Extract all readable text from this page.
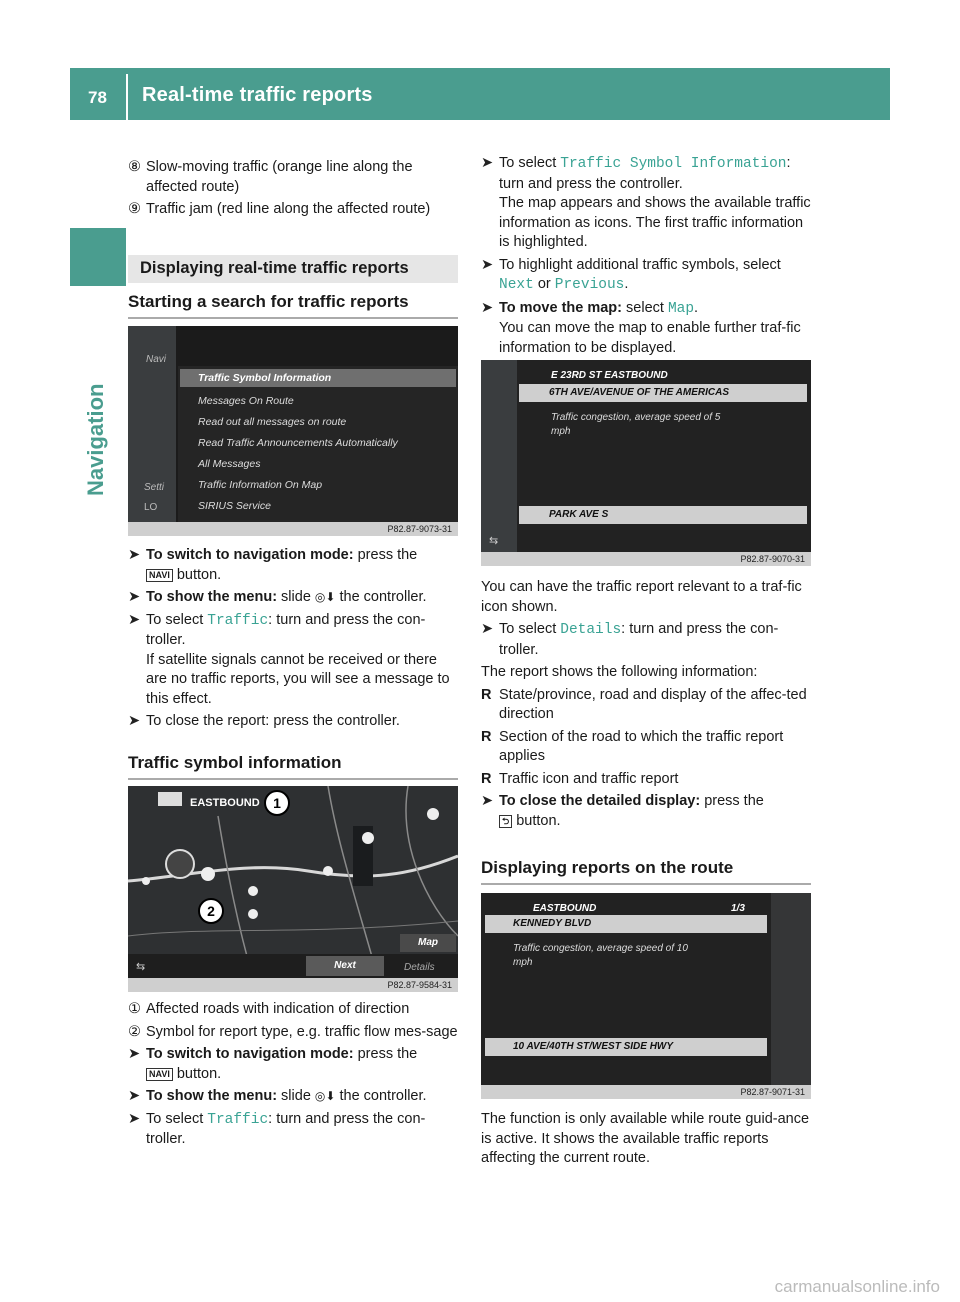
78 Real-time traffic reports
Navigation
⑧ Slow-moving traffic (orange line along the affected route)
⑨ Traffic jam (red line along the affected route)
Displaying real-time traffic reports
Starting a search for traffic reports
Navi
Setti
LO
Traffic Symbol Information
Messages On Route
Read out all messages on route
Read Traffic Announcements Automatically
All Messages
Traffic Information On Map
SIRIUS Service
P82.87-9073-31
➤ To switch to navigation mode: press the
NAVI button.
➤ To show the menu: slide ◎⬇ the controller.
➤ To select Traffic: turn and press the con-troller.
If satellite signals cannot be received or there are no traffic reports, you will see a message to this effect.
➤ To close the report: press the controller.
Traffic symbol information
EASTBOUND 1
2
Map
⇆	Next	Details
P82.87-9584-31
① Affected roads with indication of direction
② Symbol for report type, e.g. traffic flow mes-sage
➤ To switch to navigation mode: press the
NAVI button.
➤ To show the menu: slide ◎⬇ the controller.
➤ To select Traffic: turn and press the con-troller.
➤ To select Traffic Symbol Information: turn and press the controller.
The map appears and shows the available traffic information as icons. The first traffic information is highlighted.
➤ To highlight additional traffic symbols, select Next or Previous.
➤ To move the map: select Map.
You can move the map to enable further traf-fic information to be displayed.
E 23RD ST EASTBOUND
6TH AVE/AVENUE OF THE AMERICAS
Traffic congestion, average speed of 5
mph
PARK AVE S
⇆
P82.87-9070-31

You can have the traffic report relevant to a traf-fic icon shown.

➤ To select Details: turn and press the con-troller.

The report shows the following information:

R State/province, road and display of the affec-ted direction
R Section of the road to which the traffic report applies
R Traffic icon and traffic report
➤ To close the detailed display: press the
⮌ button.
Displaying reports on the route
EASTBOUND	1/3
KENNEDY BLVD
Traffic congestion, average speed of 10
mph
10 AVE/40TH ST/WEST SIDE HWY
P82.87-9071-31

The function is only available while route guid-ance is active. It shows the available traffic reports affecting the current route.

carmanualsonline.info
